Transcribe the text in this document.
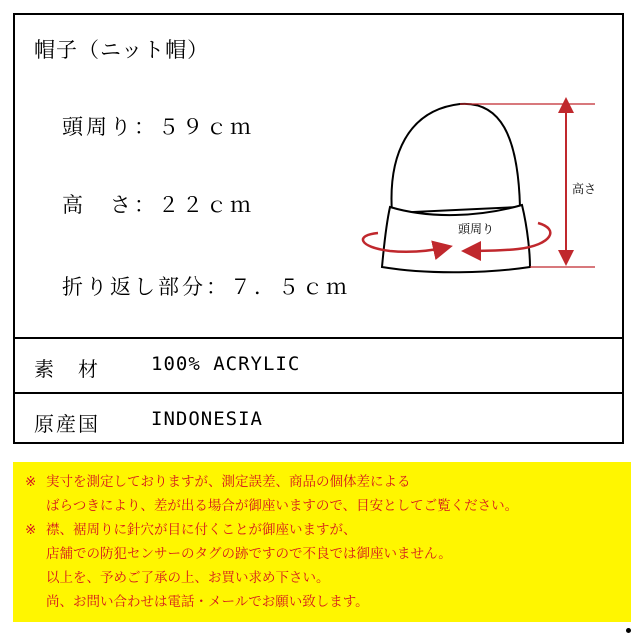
帽子（ニット帽）
頭周り：５９ｃｍ
高　さ：２２ｃｍ
折り返し部分：７．５ｃｍ
高さ
頭周り
素　材	100% ACRYLIC
原産国	INDONESIA
※ 実寸を測定しておりますが、測定誤差、商品の個体差による
ばらつきにより、差が出る場合が御座いますので、目安としてご覧ください。
※ 襟、裾周りに針穴が目に付くことが御座いますが、
店舗での防犯センサーのタグの跡ですので不良では御座いません。
以上を、予めご了承の上、お買い求め下さい。
尚、お問い合わせは電話・メールでお願い致します。
